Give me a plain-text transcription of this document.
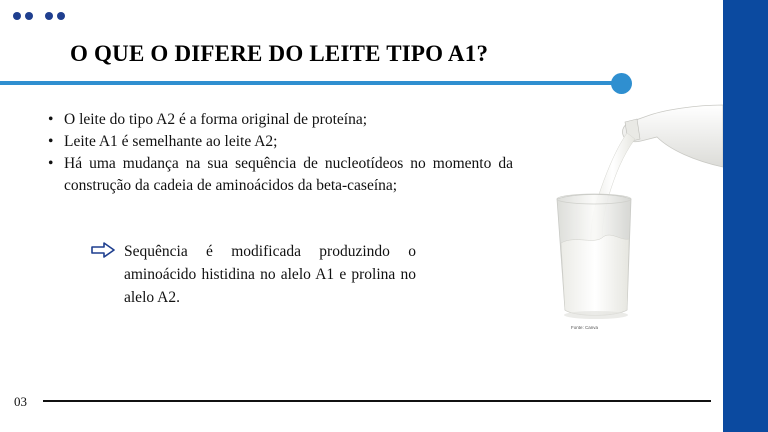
O QUE O DIFERE DO LEITE TIPO A1?
• O leite do tipo A2 é a forma original de proteína;
• Leite A1 é semelhante ao leite A2;
• Há uma mudança na sua sequência de nucleotídeos no momento da construção da cadeia de aminoácidos da beta-caseína;
Sequência é modificada produzindo o aminoácido histidina no alelo A1 e prolina no alelo A2.
Fonte: Canva
03
